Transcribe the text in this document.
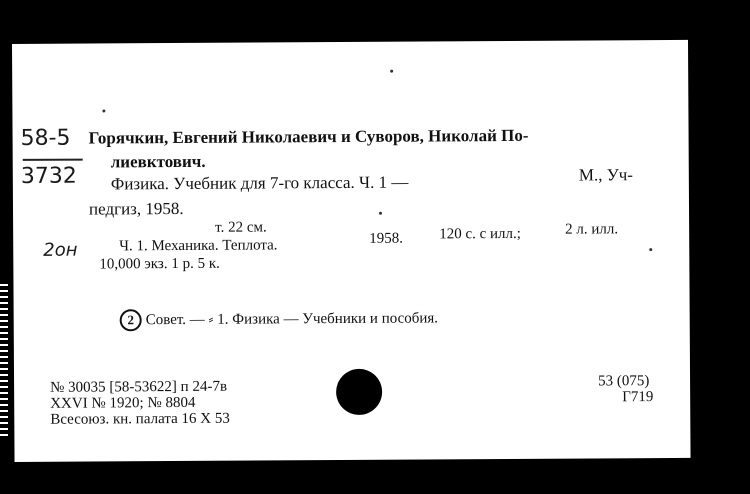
58-5
3732
2он
Горячкин, Евгений Николаевич и Суворов, Николай По-
лиевктович.
Физика. Учебник для 7-го класса. Ч. 1 —	М., Уч-
педгиз, 1958.
т. 22 см.
Ч. 1. Механика. Теплота.	1958. 120 с. с илл.;	2 л. илл.
10,000 экз. 1 р. 5 к.
2 Совет. — ⸗ 1. Физика — Учебники и пособия.
№ 30035 [58-53622] п 24-7в
XXVI № 1920; № 8804
Всесоюз. кн. палата 16 X 53
53 (075)
Г719
